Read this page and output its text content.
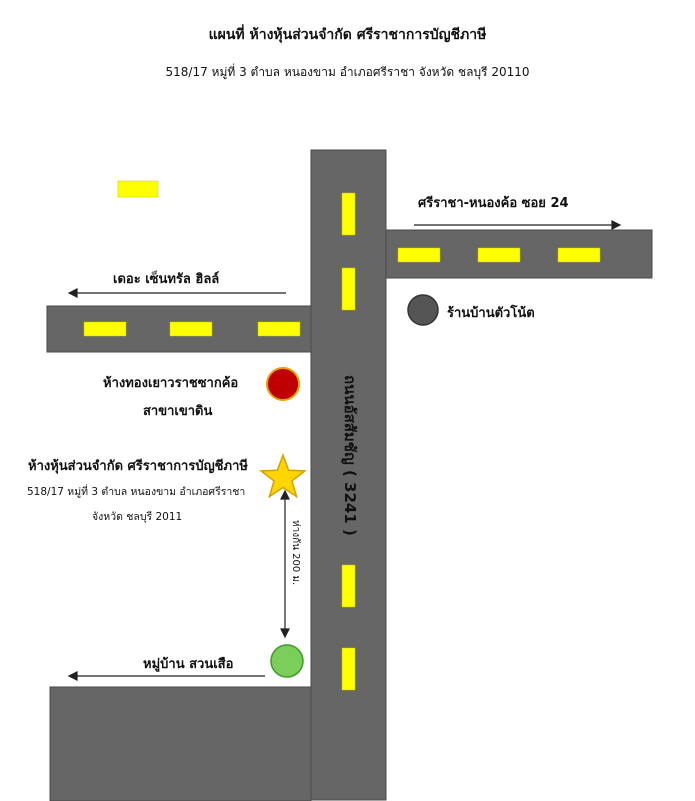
ถนนอัสสัมชัญ ( 3241 )
ห่างกัน 200 ม.
แผนที่ ห้างหุ้นส่วนจำกัด ศรีราชาการบัญชีภาษี
518/17 หมู่ที่ 3 ตำบล หนองขาม อำเภอศรีราชา จังหวัด ชลบุรี 20110
ศรีราชา-หนองค้อ ซอย 24
เดอะ เซ็นทรัล ฮิลล์
ร้านบ้านตัวโน้ต
ห้างทองเยาวราชซากค้อ
สาขาเขาดิน
ห้างหุ้นส่วนจำกัด ศรีราชาการบัญชีภาษี
518/17 หมู่ที่ 3 ตำบล หนองขาม อำเภอศรีราชา
จังหวัด ชลบุรี 2011
หมู่บ้าน สวนเสือ
